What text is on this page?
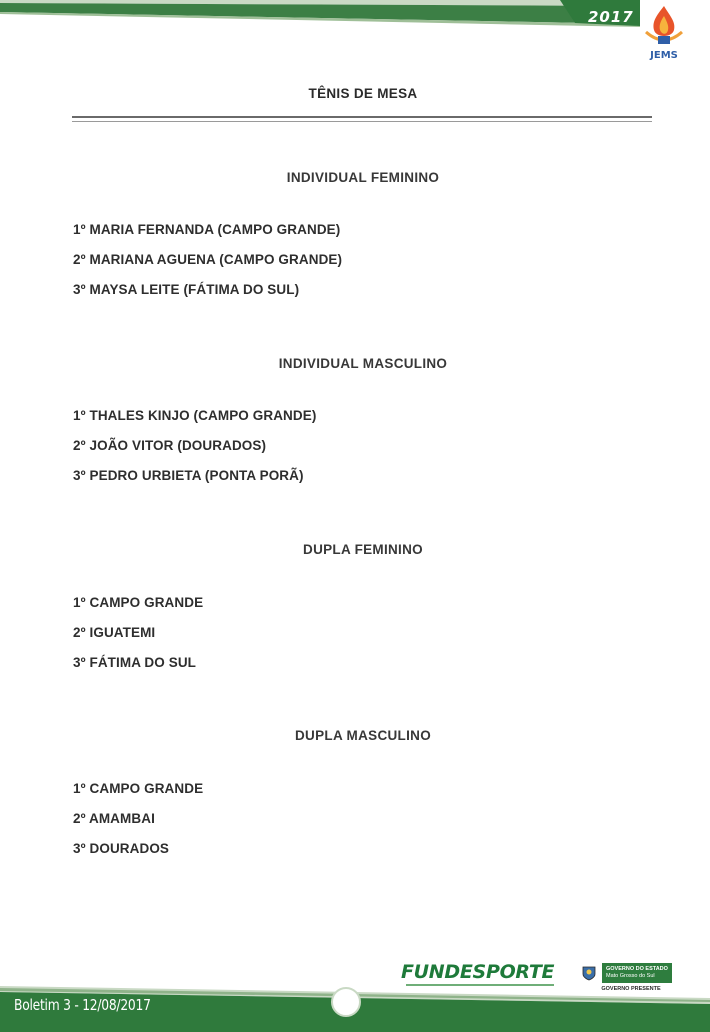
2017
JEMS
TÊNIS DE MESA
INDIVIDUAL FEMININO
1º MARIA FERNANDA (CAMPO GRANDE)
2º MARIANA AGUENA (CAMPO GRANDE)
3º MAYSA LEITE (FÁTIMA DO SUL)
INDIVIDUAL MASCULINO
1º THALES KINJO (CAMPO GRANDE)
2º JOÃO VITOR (DOURADOS)
3º PEDRO URBIETA (PONTA PORÃ)
DUPLA FEMININO
1º CAMPO GRANDE
2º IGUATEMI
3º FÁTIMA DO SUL
DUPLA MASCULINO
1º CAMPO GRANDE
2º AMAMBAI
3º DOURADOS
FUNDESPORTE	GOVERNO DO ESTADO
Mato Grosso do Sul
GOVERNO PRESENTE
Boletim 3 - 12/08/2017
